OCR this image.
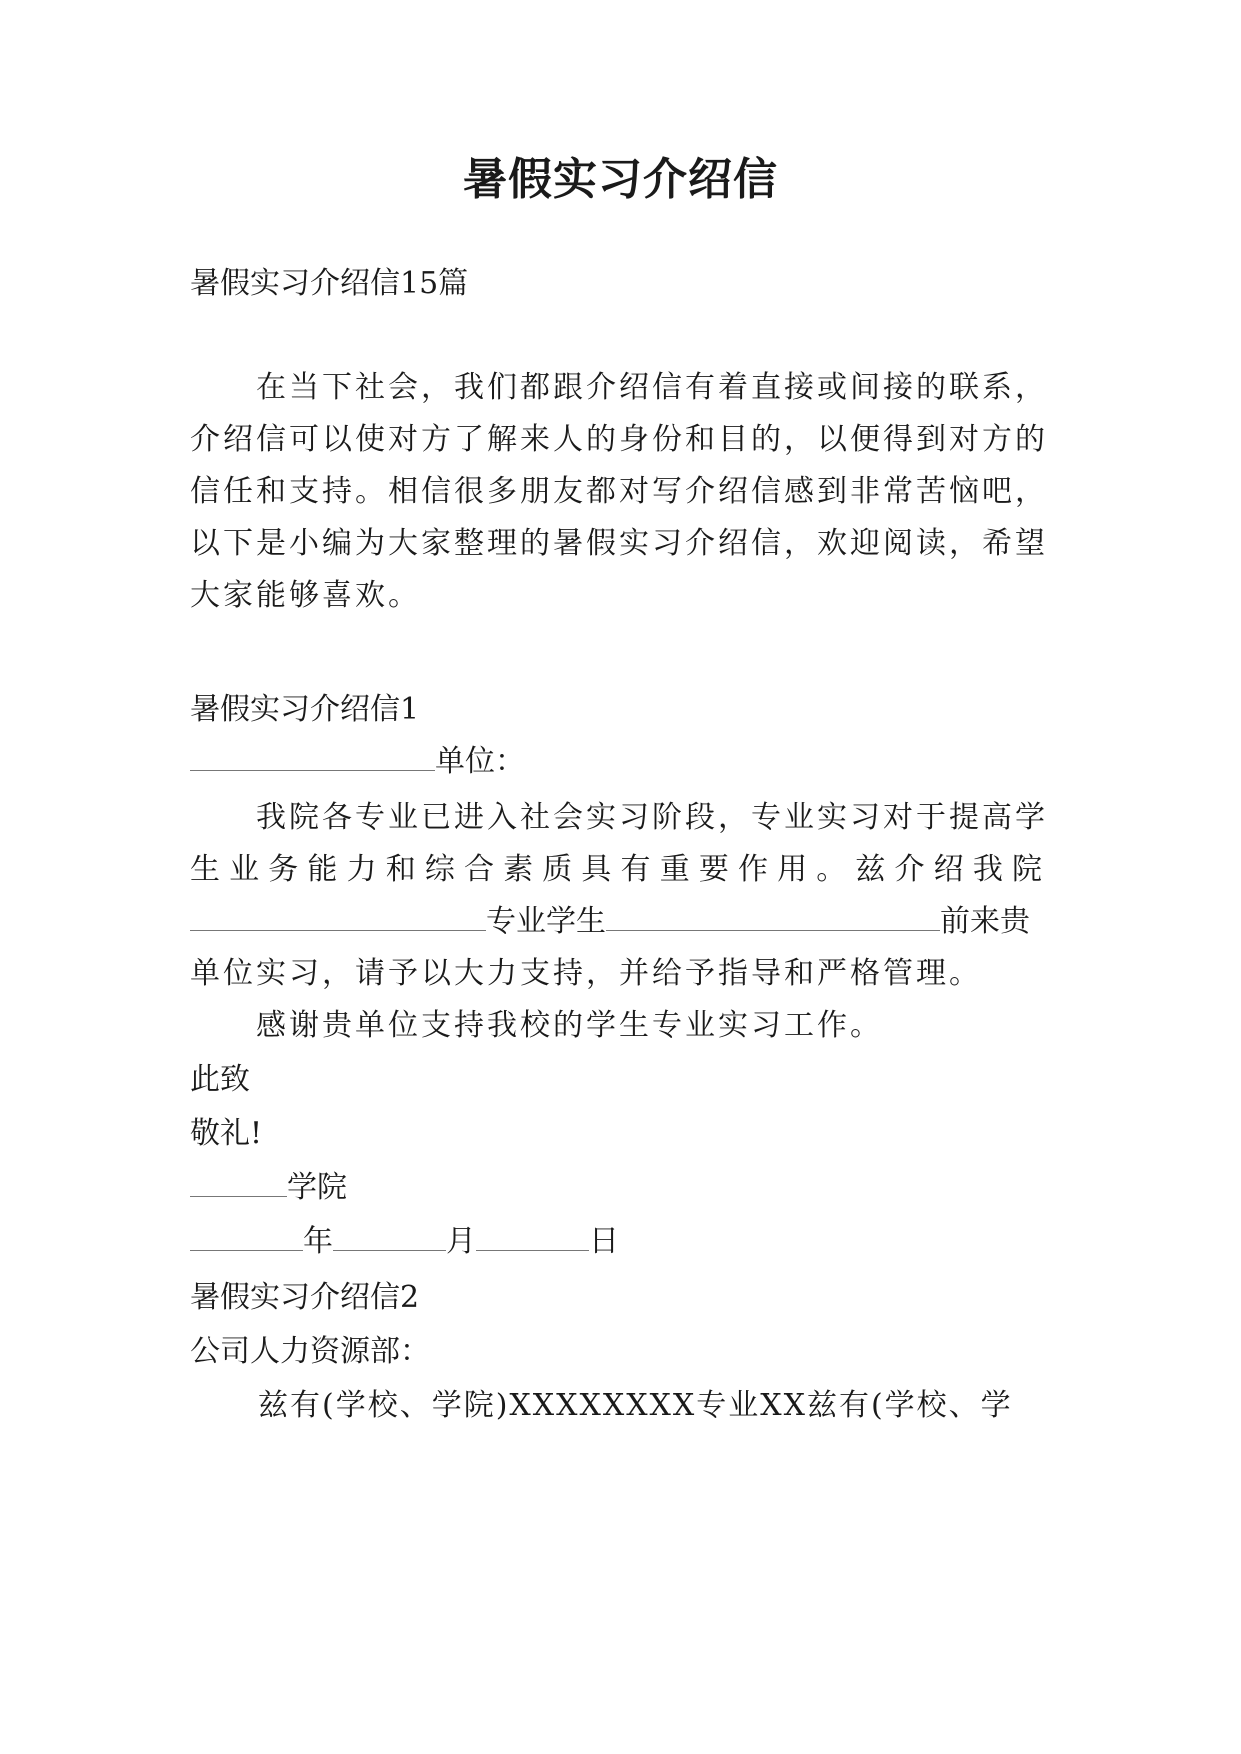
暑假实习介绍信
暑假实习介绍信15篇
在当下社会，我们都跟介绍信有着直接或间接的联系，
介绍信可以使对方了解来人的身份和目的，以便得到对方的
信任和支持。相信很多朋友都对写介绍信感到非常苦恼吧，
以下是小编为大家整理的暑假实习介绍信，欢迎阅读，希望
大家能够喜欢。
暑假实习介绍信1
单位：
我院各专业已进入社会实习阶段，专业实习对于提高学
生 业 务 能 力 和 综 合 素 质 具 有 重 要 作 用 。 兹 介 绍 我 院
专业学生	前来贵
单位实习，请予以大力支持，并给予指导和严格管理。
感谢贵单位支持我校的学生专业实习工作。
此致
敬礼!
学院
年	月	日
暑假实习介绍信2
公司人力资源部：
兹有(学校、学院)XXXXXXXX专业XX兹有(学校、学
